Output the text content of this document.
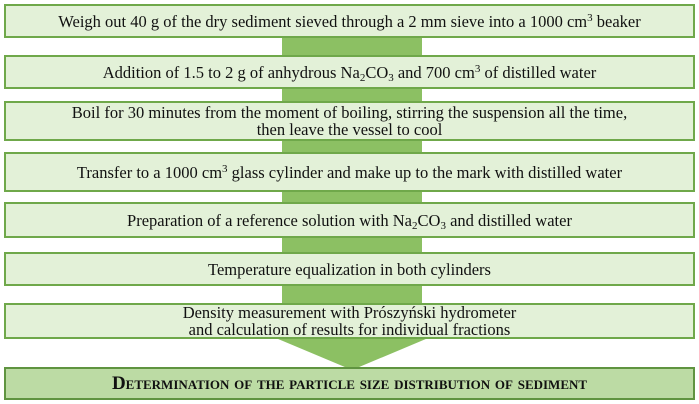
Weigh out 40 g of the dry sediment sieved through a 2 mm sieve into a 1000 $cm^3$ beaker
Addition of 1.5 to 2 g of anhydrous $Na_2CO_3$ and 700 $cm^3$ of distilled water
Boil for 30 minutes from the moment of boiling, stirring the suspension all the time,
then leave the vessel to cool
Transfer to a 1000 $cm^3$ glass cylinder and make up to the mark with distilled water
Preparation of a reference solution with $Na_2CO_3$ and distilled water
Temperature equalization in both cylinders
Density measurement with Prószyński hydrometer
and calculation of results for individual fractions
Determination of the particle size distribution of sediment
